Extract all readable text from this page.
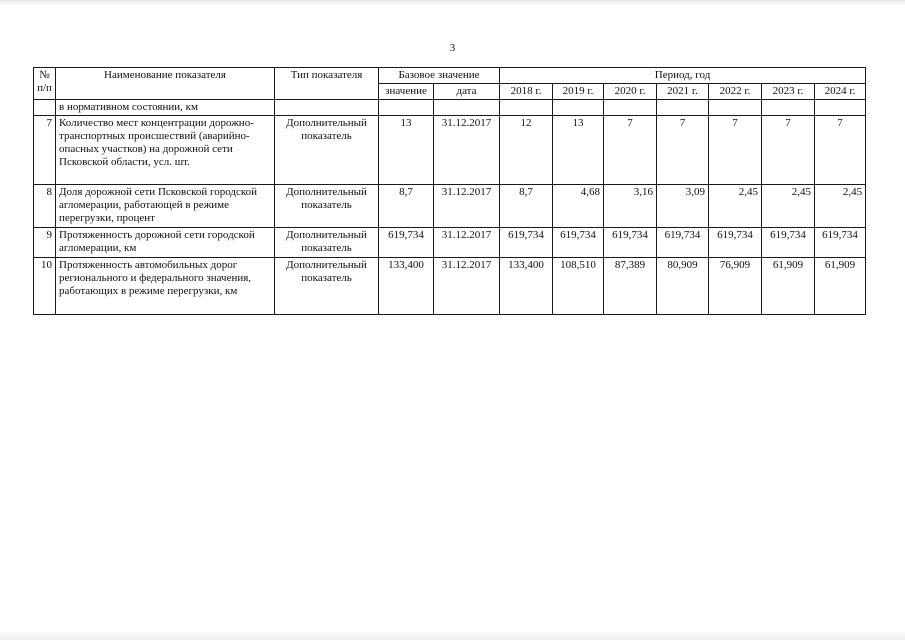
3
№ п/п	Наименование показателя	Тип показателя	Базовое значение		Период, год						
			значение	дата	2018 г.	2019 г.	2020 г.	2021 г.	2022 г.	2023 г.	2024 г.
	в нормативном состоянии, км										
7	Количество мест концентрации дорожно-транспортных происшествий (аварийно-опасных участков) на дорожной сети Псковской области, усл. шт.	Дополнительный показатель	13	31.12.2017	12	13	7	7	7	7	7
8	Доля дорожной сети Псковской городской агломерации, работающей в режиме перегрузки, процент	Дополнительный показатель	8,7	31.12.2017	8,7	4,68	3,16	3,09	2,45	2,45	2,45
9	Протяженность дорожной сети городской агломерации, км	Дополнительный показатель	619,734	31.12.2017	619,734	619,734	619,734	619,734	619,734	619,734	619,734
10	Протяженность автомобильных дорог регионального и федерального значения, работающих в режиме перегрузки, км	Дополнительный показатель	133,400	31.12.2017	133,400	108,510	87,389	80,909	76,909	61,909	61,909
